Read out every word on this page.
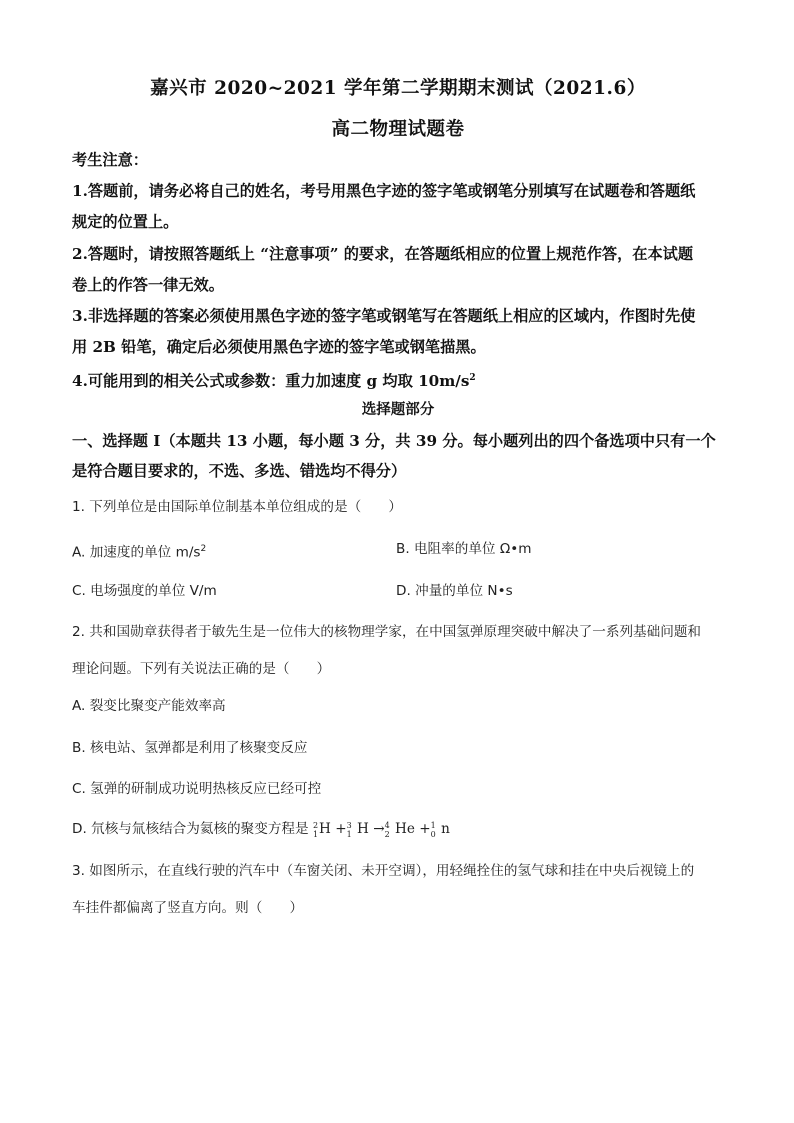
嘉兴市 2020~2021 学年第二学期期末测试（2021.6）
高二物理试题卷
考生注意：
1.答题前，请务必将自己的姓名，考号用黑色字迹的签字笔或钢笔分别填写在试题卷和答题纸
规定的位置上。
2.答题时，请按照答题纸上 “注意事项” 的要求，在答题纸相应的位置上规范作答，在本试题
卷上的作答一律无效。
3.非选择题的答案必须使用黑色字迹的签字笔或钢笔写在答题纸上相应的区域内，作图时先使
用 2B 铅笔，确定后必须使用黑色字迹的签字笔或钢笔描黑。
4.可能用到的相关公式或参数：重力加速度 g 均取 $10m/s^2$
选择题部分
一、选择题 I（本题共 13 小题，每小题 3 分，共 39 分。每小题列出的四个备选项中只有一个
是符合题目要求的，不选、多选、错选均不得分）
1. 下列单位是由国际单位制基本单位组成的是（　　）
A. 加速度的单位 $m/s^2$	B. 电阻率的单位 Ω•m
C. 电场强度的单位 V/m	D. 冲量的单位 N•s
2. 共和国勋章获得者于敏先生是一位伟大的核物理学家，在中国氢弹原理突破中解决了一系列基础问题和
理论问题。下列有关说法正确的是（　　）
A. 裂变比聚变产能效率高
B. 核电站、氢弹都是利用了核聚变反应
C. 氢弹的研制成功说明热核反应已经可控
D. 氘核与氚核结合为氦核的聚变方程是 2
1 H + 3
1 H → 4
2 He + 1
0 n
3. 如图所示，在直线行驶的汽车中（车窗关闭、未开空调），用轻绳拴住的氢气球和挂在中央后视镜上的
车挂件都偏离了竖直方向。则（　　）
